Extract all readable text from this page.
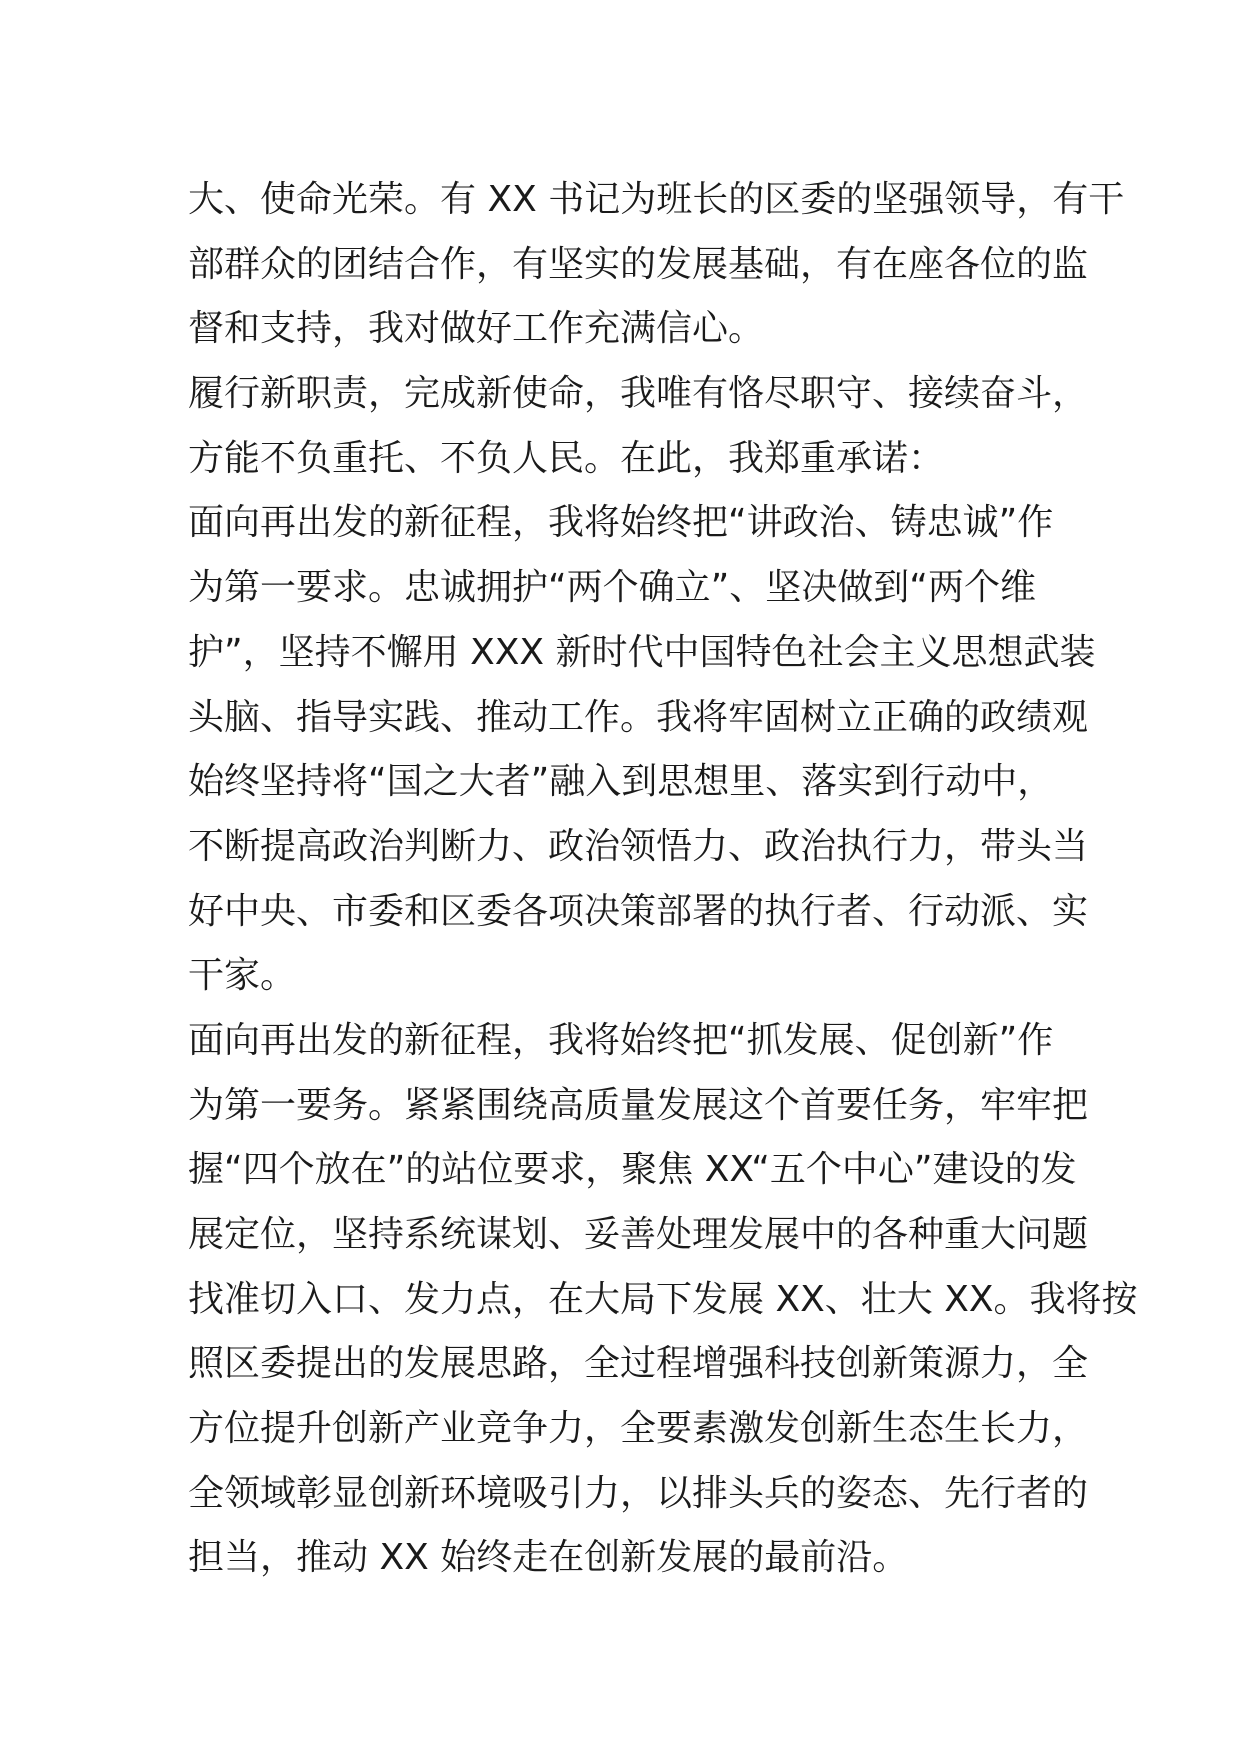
大、使命光荣。有 XX 书记为班长的区委的坚强领导，有干

部群众的团结合作，有坚实的发展基础，有在座各位的监

督和支持，我对做好工作充满信心。

履行新职责，完成新使命，我唯有恪尽职守、接续奋斗，

方能不负重托、不负人民。在此，我郑重承诺：

面向再出发的新征程，我将始终把“讲政治、铸忠诚”作

为第一要求。忠诚拥护“两个确立”、坚决做到“两个维

护”，坚持不懈用 XXX 新时代中国特色社会主义思想武装

头脑、指导实践、推动工作。我将牢固树立正确的政绩观

始终坚持将“国之大者”融入到思想里、落实到行动中，

不断提高政治判断力、政治领悟力、政治执行力，带头当

好中央、市委和区委各项决策部署的执行者、行动派、实

干家。

面向再出发的新征程，我将始终把“抓发展、促创新”作

为第一要务。紧紧围绕高质量发展这个首要任务，牢牢把

握“四个放在”的站位要求，聚焦 XX“五个中心”建设的发

展定位，坚持系统谋划、妥善处理发展中的各种重大问题

找准切入口、发力点，在大局下发展 XX、壮大 XX。我将按

照区委提出的发展思路，全过程增强科技创新策源力，全

方位提升创新产业竞争力，全要素激发创新生态生长力，

全领域彰显创新环境吸引力，以排头兵的姿态、先行者的

担当，推动 XX 始终走在创新发展的最前沿。
